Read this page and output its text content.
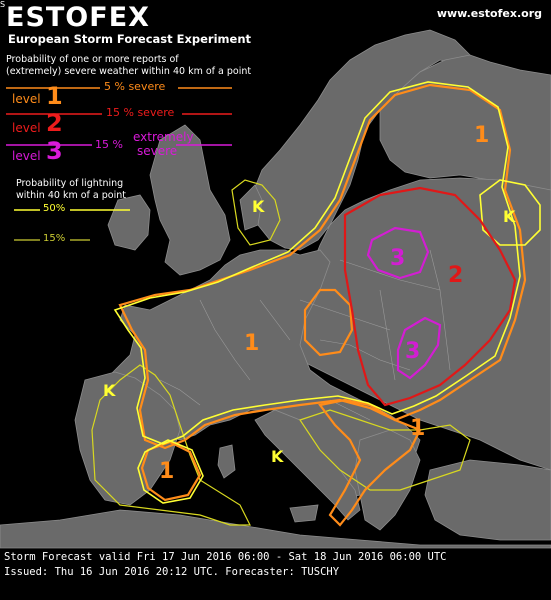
1
1
1
1
2
3
3
K
K
K
K
S ESTOFEX	www.estofex.org
European Storm Forecast Experiment
Probability of one or more reports of
(extremely) severe weather within 40 km of a point
level 1	5 % severe
level 2	15 % severe
level 3	15 %
extremely
severe
Probability of lightning
within 40 km of a point
50%
15%
Storm Forecast valid Fri 17 Jun 2016 06:00 - Sat 18 Jun 2016 06:00 UTC
Issued: Thu 16 Jun 2016 20:12 UTC. Forecaster: TUSCHY
